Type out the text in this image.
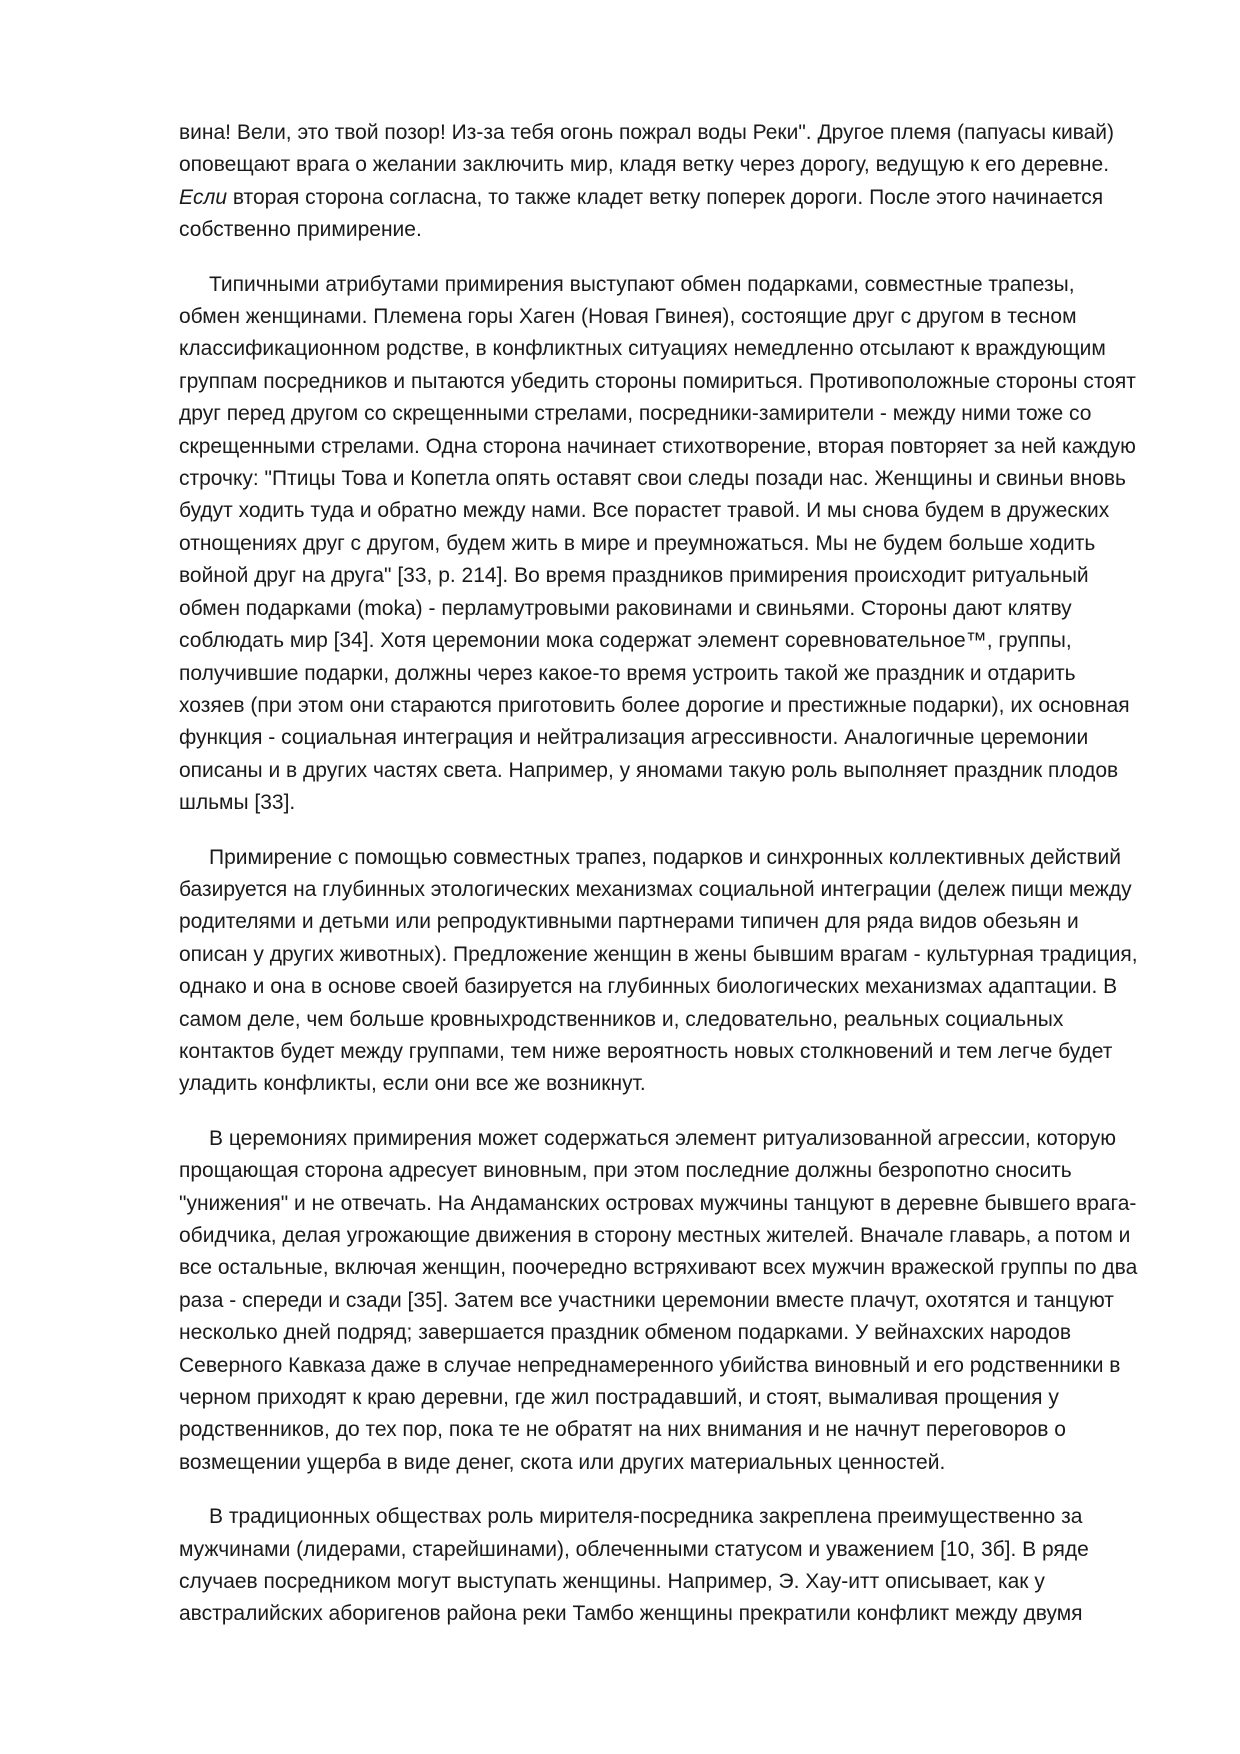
вина! Вели, это твой позор! Из-за тебя огонь пожрал воды Реки". Другое племя (папуасы кивай)
оповещают врага о желании заключить мир, кладя ветку через дорогу, ведущую к его деревне.
Если вторая сторона согласна, то также кладет ветку поперек дороги. После этого начинается
собственно примирение.
Типичными атрибутами примирения выступают обмен подарками, совместные трапезы,
обмен женщинами. Племена горы Хаген (Новая Гвинея), состоящие друг с другом в тесном
классификационном родстве, в конфликтных ситуациях немедленно отсылают к враждующим
группам посредников и пытаются убедить стороны помириться. Противоположные стороны стоят
друг перед другом со скрещенными стрелами, посредники-замирители - между ними тоже со
скрещенными стрелами. Одна сторона начинает стихотворение, вторая повторяет за ней каждую
строчку: "Птицы Това и Копетла опять оставят свои следы позади нас. Женщины и свиньи вновь
будут ходить туда и обратно между нами. Все порастет травой. И мы снова будем в дружеских
отнощениях друг с другом, будем жить в мире и преумножаться. Мы не будем больше ходить
войной друг на друга" [33, р. 214]. Во время праздников примирения происходит ритуальный
обмен подарками (moka) - перламутровыми раковинами и свиньями. Стороны дают клятву
соблюдать мир [34]. Хотя церемонии мока содержат элемент соревновательное™, группы,
получившие подарки, должны через какое-то время устроить такой же праздник и отдарить
хозяев (при этом они стараются приготовить более дорогие и престижные подарки), их основная
функция - социальная интеграция и нейтрализация агрессивности. Аналогичные церемонии
описаны и в других частях света. Например, у яномами такую роль выполняет праздник плодов
шльмы [33].
Примирение с помощью совместных трапез, подарков и синхронных коллективных действий
базируется на глубинных этологических механизмах социальной интеграции (дележ пищи между
родителями и детьми или репродуктивными партнерами типичен для ряда видов обезьян и
описан у других животных). Предложение женщин в жены бывшим врагам - культурная традиция,
однако и она в основе своей базируется на глубинных биологических механизмах адаптации. В
самом деле, чем больше кровныхродственников и, следовательно, реальных социальных
контактов будет между группами, тем ниже вероятность новых столкновений и тем легче будет
уладить конфликты, если они все же возникнут.
В церемониях примирения может содержаться элемент ритуализованной агрессии, которую
прощающая сторона адресует виновным, при этом последние должны безропотно сносить
"унижения" и не отвечать. На Андаманских островах мужчины танцуют в деревне бывшего врага-
обидчика, делая угрожающие движения в сторону местных жителей. Вначале главарь, а потом и
все остальные, включая женщин, поочередно встряхивают всех мужчин вражеской группы по два
раза - спереди и сзади [35]. Затем все участники церемонии вместе плачут, охотятся и танцуют
несколько дней подряд; завершается праздник обменом подарками. У вейнахских народов
Северного Кавказа даже в случае непреднамеренного убийства виновный и его родственники в
черном приходят к краю деревни, где жил пострадавший, и стоят, вымаливая прощения у
родственников, до тех пор, пока те не обратят на них внимания и не начнут переговоров о
возмещении ущерба в виде денег, скота или других материальных ценностей.
В традиционных обществах роль мирителя-посредника закреплена преимущественно за
мужчинами (лидерами, старейшинами), облеченными статусом и уважением [10, 3б]. В ряде
случаев посредником могут выступать женщины. Например, Э. Хау-итт описывает, как у
австралийских аборигенов района реки Тамбо женщины прекратили конфликт между двумя
